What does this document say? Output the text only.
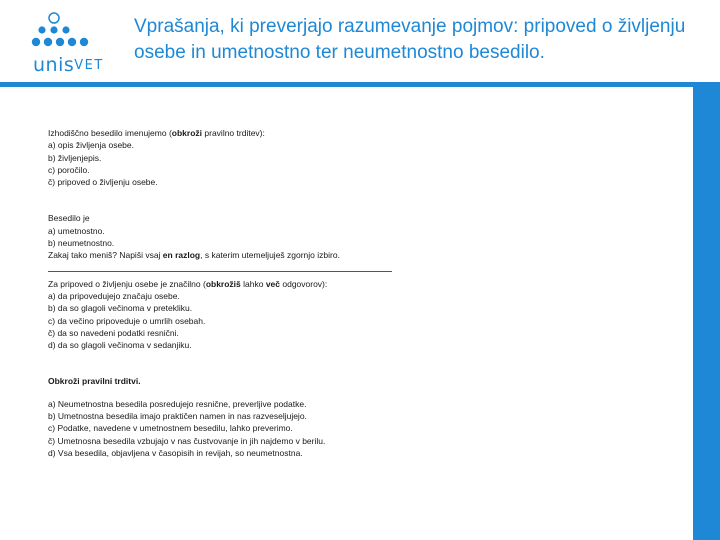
unisVET
Vprašanja, ki preverjajo razumevanje pojmov: pripoved o življenju osebe in umetnostno ter neumetnostno besedilo.
Izhodiščno besedilo imenujemo (obkroži pravilno trditev):
a) opis življenja osebe.
b) življenjepis.
c) poročilo.
č) pripoved o življenju osebe.
Besedilo je
a) umetnostno.
b) neumetnostno.
Zakaj tako meniš? Napiši vsaj en razlog, s katerim utemeljuješ zgornjo izbiro.
Za pripoved o življenju osebe je značilno (obkrožiš lahko več odgovorov):
a) da pripovedujejo značaju osebe.
b) da so glagoli večinoma v pretekliku.
c) da večino pripoveduje o umrlih osebah.
č) da so navedeni podatki resnični.
d) da so glagoli večinoma v sedanjiku.
Obkroži pravilni trditvi.
a) Neumetnostna besedila posredujejo resnične, preverljive podatke.
b) Umetnostna besedila imajo praktičen namen in nas razveseljujejo.
c) Podatke, navedene v umetnostnem besedilu, lahko preverimo.
č) Umetnosna besedila vzbujajo v nas čustvovanje in jih najdemo v berilu.
d) Vsa besedila, objavljena v časopisih in revijah, so neumetnostna.
